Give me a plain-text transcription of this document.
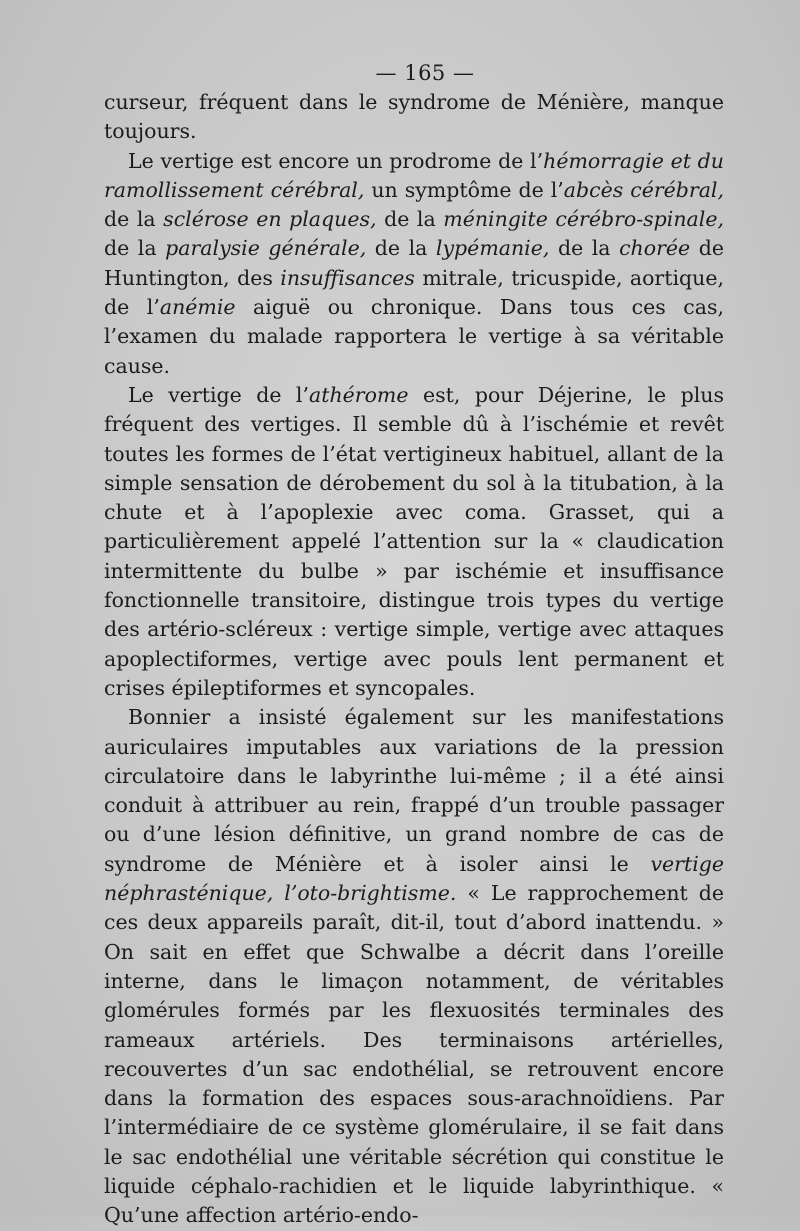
— 165 —

curseur, fréquent dans le syndrome de Ménière, manque toujours.

Le vertige est encore un prodrome de l’hémorragie et du ramollissement cérébral, un symptôme de l’abcès cérébral, de la sclérose en plaques, de la méningite cérébro-spinale, de la paralysie générale, de la lypémanie, de la chorée de Huntington, des insuffisances mitrale, tricuspide, aortique, de l’anémie aiguë ou chronique. Dans tous ces cas, l’examen du malade rapportera le vertige à sa véritable cause.

Le vertige de l’athérome est, pour Déjerine, le plus fréquent des vertiges. Il semble dû à l’ischémie et revêt toutes les formes de l’état vertigineux habituel, allant de la simple sensation de dérobement du sol à la titubation, à la chute et à l’apoplexie avec coma. Grasset, qui a particulièrement appelé l’attention sur la « claudication intermittente du bulbe » par ischémie et insuffisance fonctionnelle transitoire, distingue trois types du vertige des artério-scléreux : vertige simple, vertige avec attaques apoplectiformes, vertige avec pouls lent permanent et crises épileptiformes et syncopales.

Bonnier a insisté également sur les manifestations auriculaires imputables aux variations de la pression circulatoire dans le labyrinthe lui-même ; il a été ainsi conduit à attribuer au rein, frappé d’un trouble passager ou d’une lésion définitive, un grand nombre de cas de syndrome de Ménière et à isoler ainsi le vertige néphrasténique, l’oto-brightisme. « Le rapprochement de ces deux appareils paraît, dit-il, tout d’abord inattendu. » On sait en effet que Schwalbe a décrit dans l’oreille interne, dans le limaçon notamment, de véritables glomérules formés par les flexuosités terminales des rameaux artériels. Des terminaisons artérielles, recouvertes d’un sac endothélial, se retrouvent encore dans la formation des espaces sous-arachnoïdiens. Par l’intermédiaire de ce système glomérulaire, il se fait dans le sac endothélial une véritable sécrétion qui constitue le liquide céphalo-rachidien et le liquide labyrinthique. « Qu’une affection artério-endo-
